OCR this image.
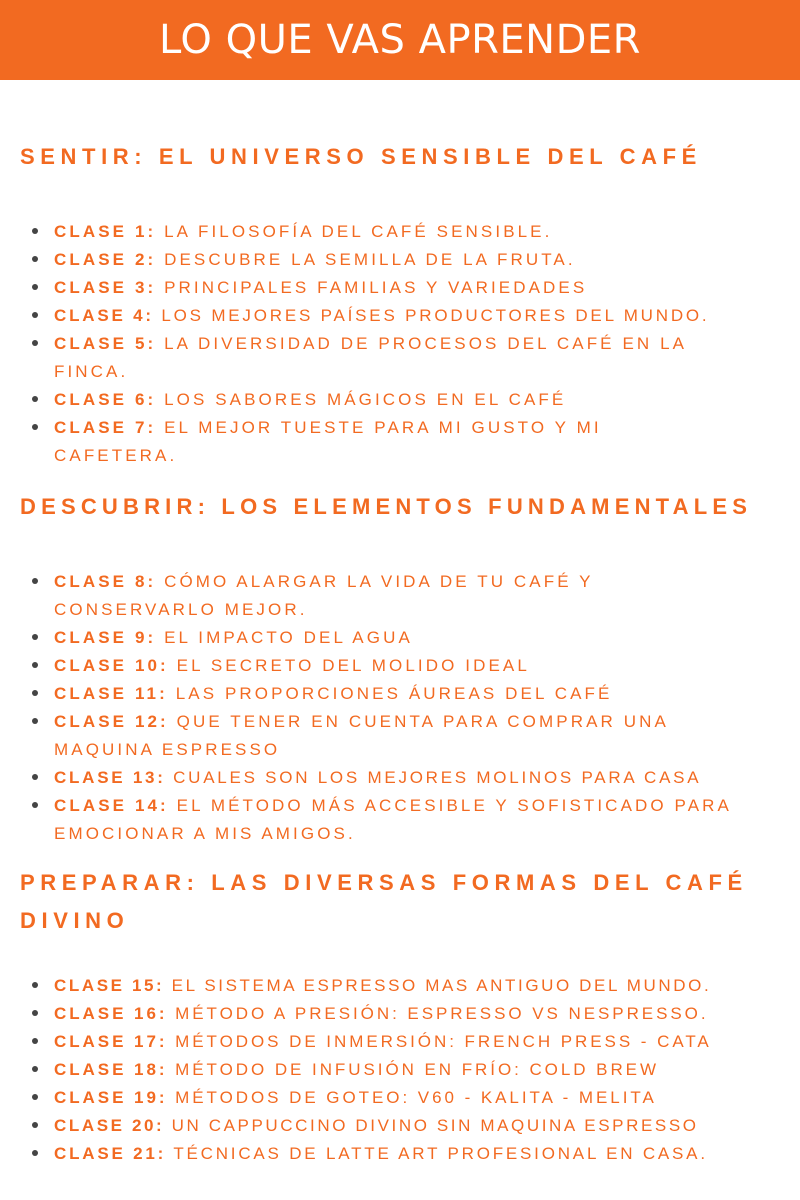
LO QUE VAS APRENDER
SENTIR: EL UNIVERSO SENSIBLE DEL CAFÉ
CLASE 1: LA FILOSOFÍA DEL CAFÉ SENSIBLE.
CLASE 2: DESCUBRE LA SEMILLA DE LA FRUTA.
CLASE 3: PRINCIPALES FAMILIAS Y VARIEDADES
CLASE 4: LOS MEJORES PAÍSES PRODUCTORES DEL MUNDO.
CLASE 5: LA DIVERSIDAD DE PROCESOS DEL CAFÉ EN LA FINCA.
CLASE 6: LOS SABORES MÁGICOS EN EL CAFÉ
CLASE 7: EL MEJOR TUESTE PARA MI GUSTO Y MI CAFETERA.
DESCUBRIR: LOS ELEMENTOS FUNDAMENTALES
CLASE 8: CÓMO ALARGAR LA VIDA DE TU CAFÉ Y CONSERVARLO MEJOR.
CLASE 9: EL IMPACTO DEL AGUA
CLASE 10: EL SECRETO DEL MOLIDO IDEAL
CLASE 11: LAS PROPORCIONES ÁUREAS DEL CAFÉ
CLASE 12: QUE TENER EN CUENTA PARA COMPRAR UNA MAQUINA ESPRESSO
CLASE 13: CUALES SON LOS MEJORES MOLINOS PARA CASA
CLASE 14: EL MÉTODO MÁS ACCESIBLE Y SOFISTICADO PARA EMOCIONAR A MIS AMIGOS.
PREPARAR: LAS DIVERSAS FORMAS DEL CAFÉ DIVINO
CLASE 15: EL SISTEMA ESPRESSO MAS ANTIGUO DEL MUNDO.
CLASE 16: MÉTODO A PRESIÓN: ESPRESSO VS NESPRESSO.
CLASE 17: MÉTODOS DE INMERSIÓN: FRENCH PRESS - CATA
CLASE 18: MÉTODO DE INFUSIÓN EN FRÍO: COLD BREW
CLASE 19: MÉTODOS DE GOTEO: V60 - KALITA - MELITA
CLASE 20: UN CAPPUCCINO DIVINO SIN MAQUINA ESPRESSO
CLASE 21: TÉCNICAS DE LATTE ART PROFESIONAL EN CASA.
